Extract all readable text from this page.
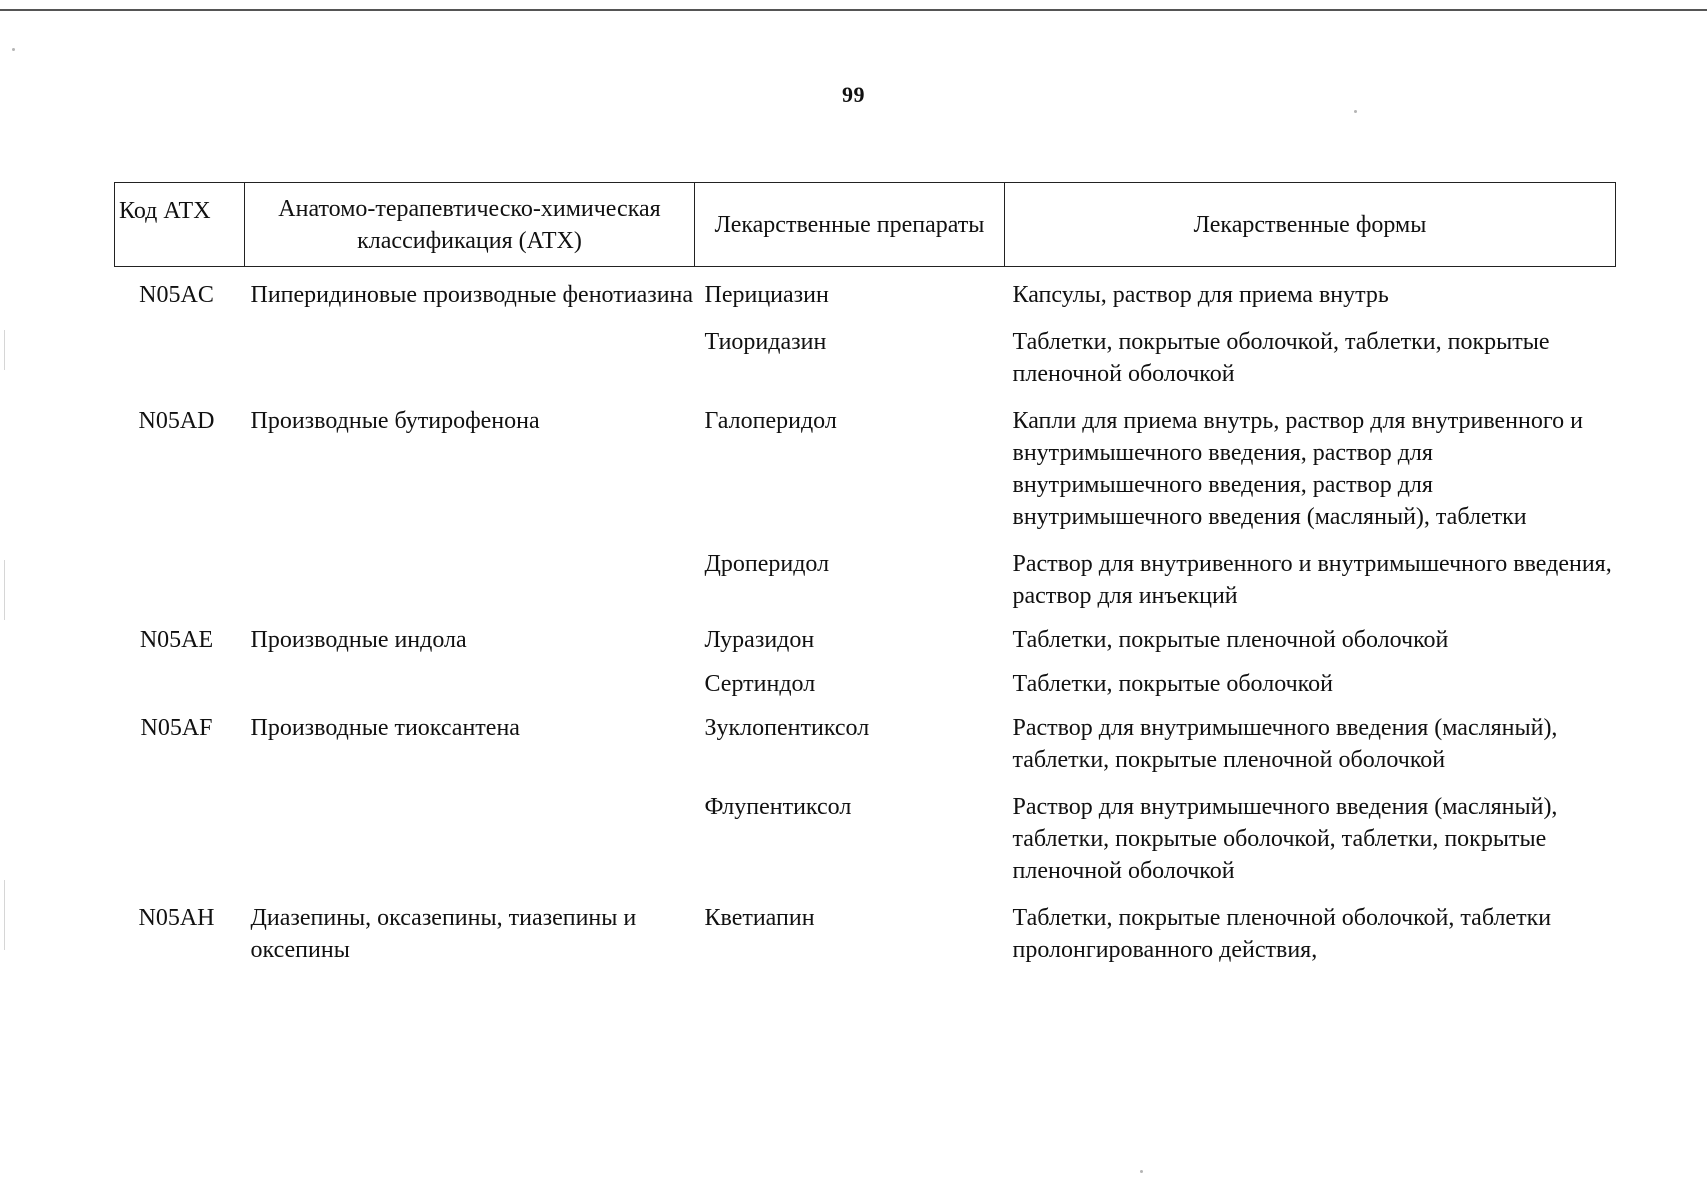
99
Код АТХ	Анатомо-терапевтическо-химическая классификация (АТХ)	Лекарственные препараты	Лекарственные формы
N05AC	Пиперидиновые производные фенотиазина	Перициазин	Капсулы, раствор для приема внутрь
		Тиоридазин	Таблетки, покрытые оболочкой, таблетки, покрытые пленочной оболочкой
N05AD	Производные бутирофенона	Галоперидол	Капли для приема внутрь, раствор для внутривенного и внутримышечного введения, раствор для внутримышечного введения, раствор для внутримышечного введения (масляный), таблетки
		Дроперидол	Раствор для внутривенного и внутримышечного введения, раствор для инъекций
N05AE	Производные индола	Луразидон	Таблетки, покрытые пленочной оболочкой
		Сертиндол	Таблетки, покрытые оболочкой
N05AF	Производные тиоксантена	Зуклопентиксол	Раствор для внутримышечного введения (масляный), таблетки, покрытые пленочной оболочкой
		Флупентиксол	Раствор для внутримышечного введения (масляный), таблетки, покрытые оболочкой, таблетки, покрытые пленочной оболочкой
N05AH	Диазепины, оксазепины, тиазепины и оксепины	Кветиапин	Таблетки, покрытые пленочной оболочкой, таблетки пролонгированного действия,
